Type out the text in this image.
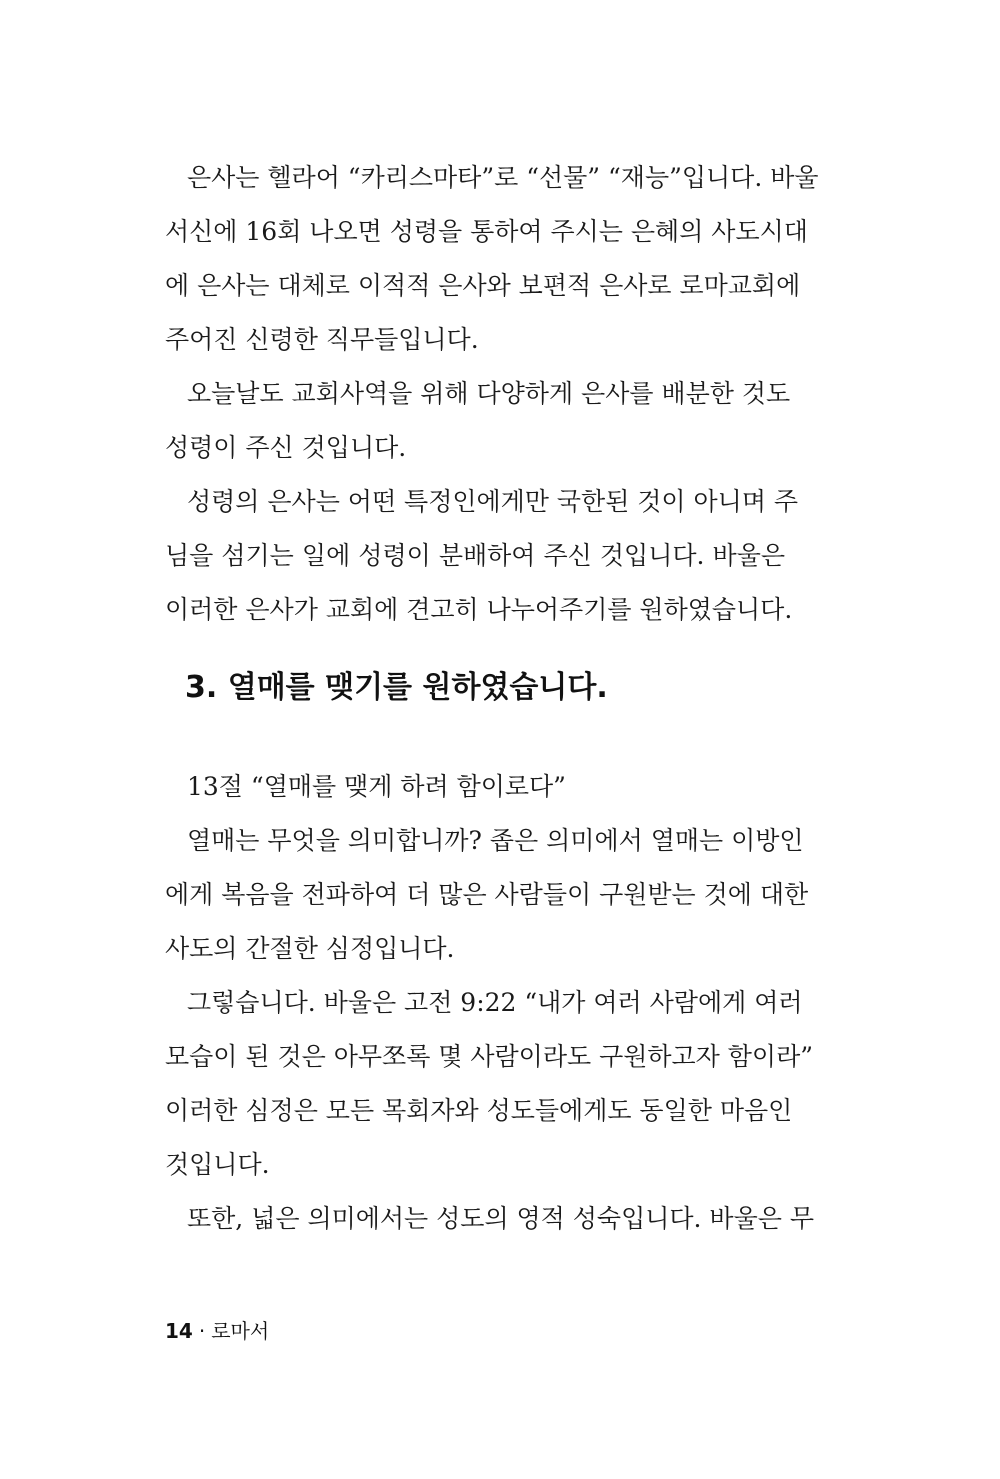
은사는 헬라어 “카리스마타”로 “선물” “재능”입니다. 바울
서신에 16회 나오면 성령을 통하여 주시는 은혜의 사도시대
에 은사는 대체로 이적적 은사와 보편적 은사로 로마교회에
주어진 신령한 직무들입니다.
오늘날도 교회사역을 위해 다양하게 은사를 배분한 것도
성령이 주신 것입니다.
성령의 은사는 어떤 특정인에게만 국한된 것이 아니며 주
님을 섬기는 일에 성령이 분배하여 주신 것입니다. 바울은
이러한 은사가 교회에 견고히 나누어주기를 원하였습니다.
3. 열매를 맺기를 원하였습니다.
13절 “열매를 맺게 하려 함이로다”
열매는 무엇을 의미합니까? 좁은 의미에서 열매는 이방인
에게 복음을 전파하여 더 많은 사람들이 구원받는 것에 대한
사도의 간절한 심정입니다.
그렇습니다. 바울은 고전 9:22 “내가 여러 사람에게 여러
모습이 된 것은 아무쪼록 몇 사람이라도 구원하고자 함이라”
이러한 심정은 모든 목회자와 성도들에게도 동일한 마음인
것입니다.
또한, 넓은 의미에서는 성도의 영적 성숙입니다. 바울은 무
14 · 로마서
